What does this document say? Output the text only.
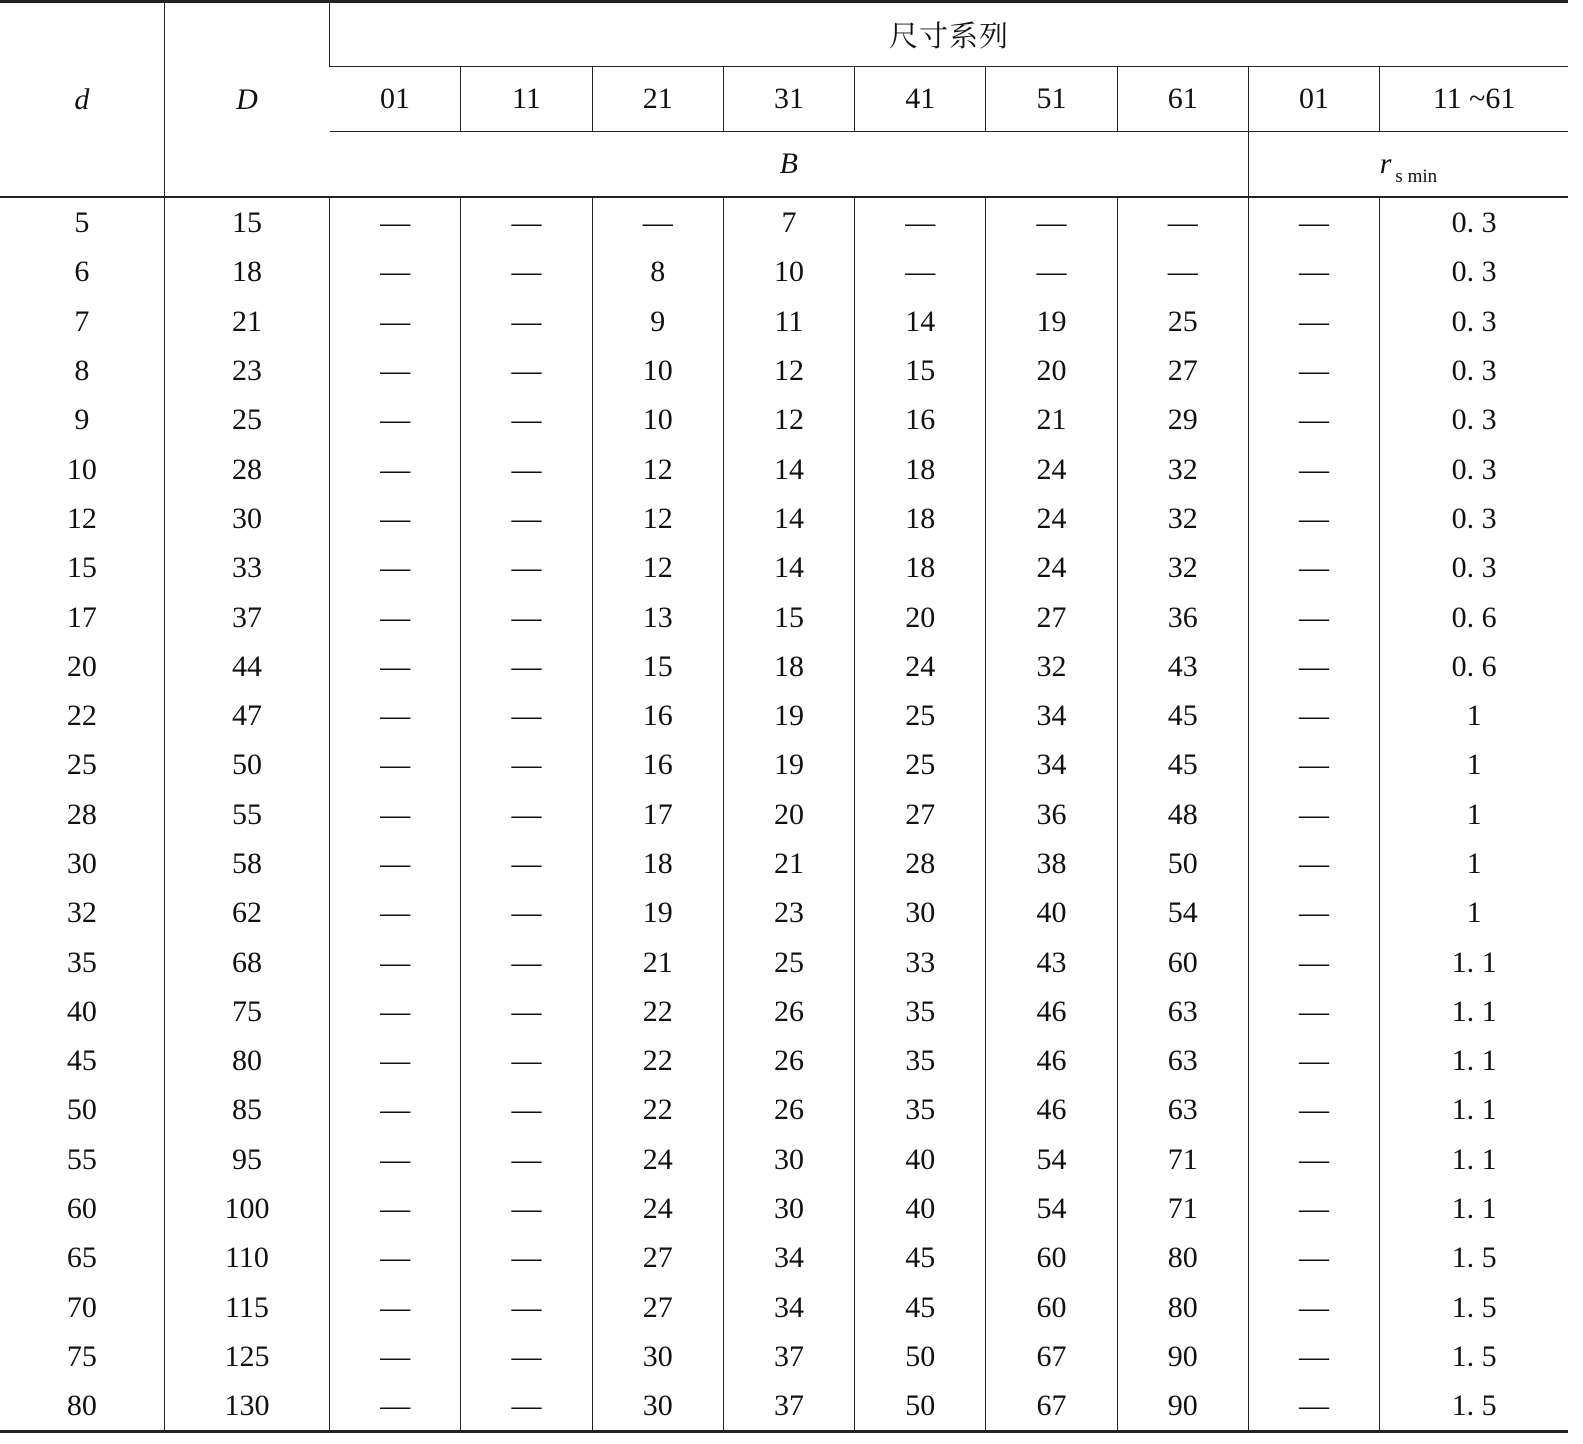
d	D	尺寸系列								
		01	11	21	31	41	51	61	01	11 ~61
		B							r $_{s min}$
5	15	—	—	—	7	—	—	—	—	0. 3
6	18	—	—	8	10	—	—	—	—	0. 3
7	21	—	—	9	11	14	19	25	—	0. 3
8	23	—	—	10	12	15	20	27	—	0. 3
9	25	—	—	10	12	16	21	29	—	0. 3
10	28	—	—	12	14	18	24	32	—	0. 3
12	30	—	—	12	14	18	24	32	—	0. 3
15	33	—	—	12	14	18	24	32	—	0. 3
17	37	—	—	13	15	20	27	36	—	0. 6
20	44	—	—	15	18	24	32	43	—	0. 6
22	47	—	—	16	19	25	34	45	—	1
25	50	—	—	16	19	25	34	45	—	1
28	55	—	—	17	20	27	36	48	—	1
30	58	—	—	18	21	28	38	50	—	1
32	62	—	—	19	23	30	40	54	—	1
35	68	—	—	21	25	33	43	60	—	1. 1
40	75	—	—	22	26	35	46	63	—	1. 1
45	80	—	—	22	26	35	46	63	—	1. 1
50	85	—	—	22	26	35	46	63	—	1. 1
55	95	—	—	24	30	40	54	71	—	1. 1
60	100	—	—	24	30	40	54	71	—	1. 1
65	110	—	—	27	34	45	60	80	—	1. 5
70	115	—	—	27	34	45	60	80	—	1. 5
75	125	—	—	30	37	50	67	90	—	1. 5
80	130	—	—	30	37	50	67	90	—	1. 5
